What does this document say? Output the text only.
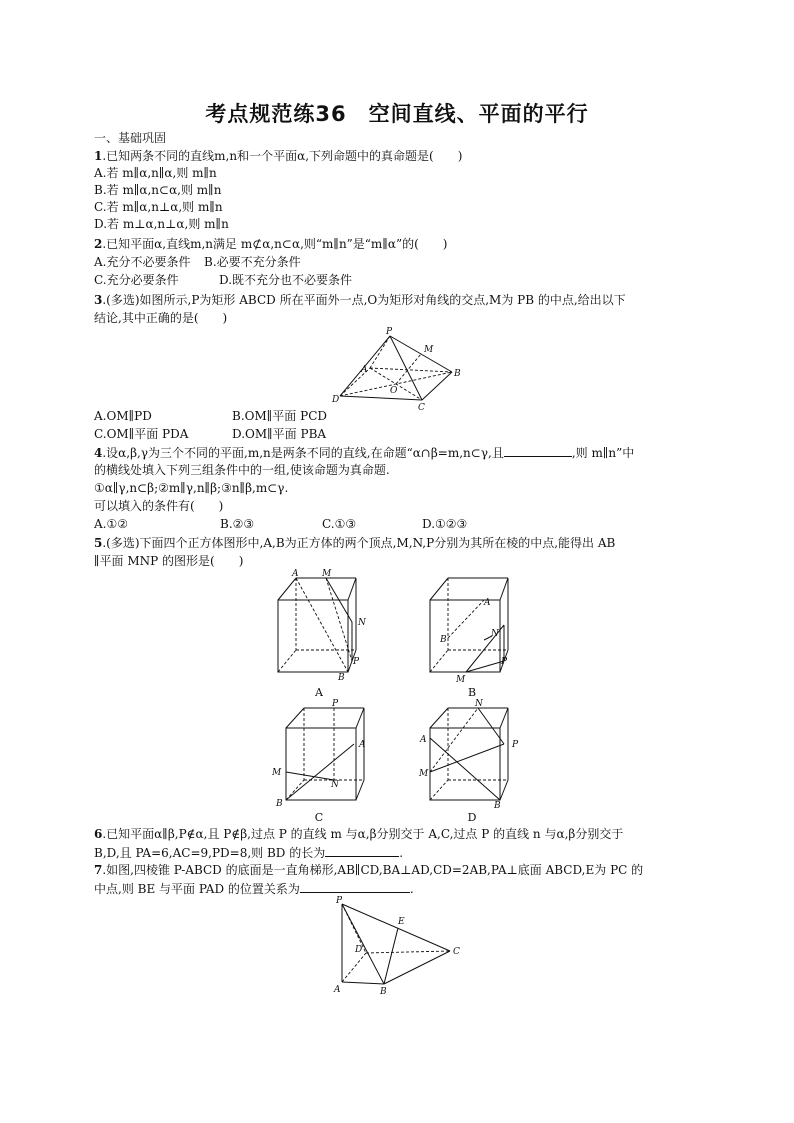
考点规范练36　空间直线、平面的平行
一、基础巩固
1.已知两条不同的直线m,n和一个平面α,下列命题中的真命题是(　　)
A.若 m∥α,n∥α,则 m∥n
B.若 m∥α,n⊂α,则 m∥n
C.若 m∥α,n⊥α,则 m∥n
D.若 m⊥α,n⊥α,则 m∥n
2.已知平面α,直线m,n满足 m⊄α,n⊂α,则“m∥n”是“m∥α”的(　　)
A.充分不必要条件 B.必要不充分条件
C.充分必要条件	D.既不充分也不必要条件
3.(多选)如图所示,P为矩形 ABCD 所在平面外一点,O为矩形对角线的交点,M为 PB 的中点,给出以下
结论,其中正确的是(　　)
P
M
A	B
O
D
C
A.OM∥PD	B.OM∥平面 PCD
C.OM∥平面 PDA	D.OM∥平面 PBA
4.设α,β,γ为三个不同的平面,m,n是两条不同的直线,在命题“α∩β=m,n⊂γ,且	,则 m∥n”中
的横线处填入下列三组条件中的一组,使该命题为真命题.
①α∥γ,n⊂β;②m∥γ,n∥β;③n∥β,m⊂γ.
可以填入的条件有(　　)
A.①②	B.②③	C.①③	D.①②③
5.(多选)下面四个正方体图形中,A,B为正方体的两个顶点,M,N,P分别为其所在棱的中点,能得出 AB
∥平面 MNP 的图形是(　　)
A	M
N
P
B
A
A
B
N
P
M
B
P
A
M
N
B
C
N
A	P
M
B
D
6.已知平面α∥β,P∉α,且 P∉β,过点 P 的直线 m 与α,β分别交于 A,C,过点 P 的直线 n 与α,β分别交于
B,D,且 PA=6,AC=9,PD=8,则 BD 的长为	.
7.如图,四棱锥 P-ABCD 的底面是一直角梯形,AB∥CD,BA⊥AD,CD=2AB,PA⊥底面 ABCD,E为 PC 的
中点,则 BE 与平面 PAD 的位置关系为	.
P
E
D	C
A	B
